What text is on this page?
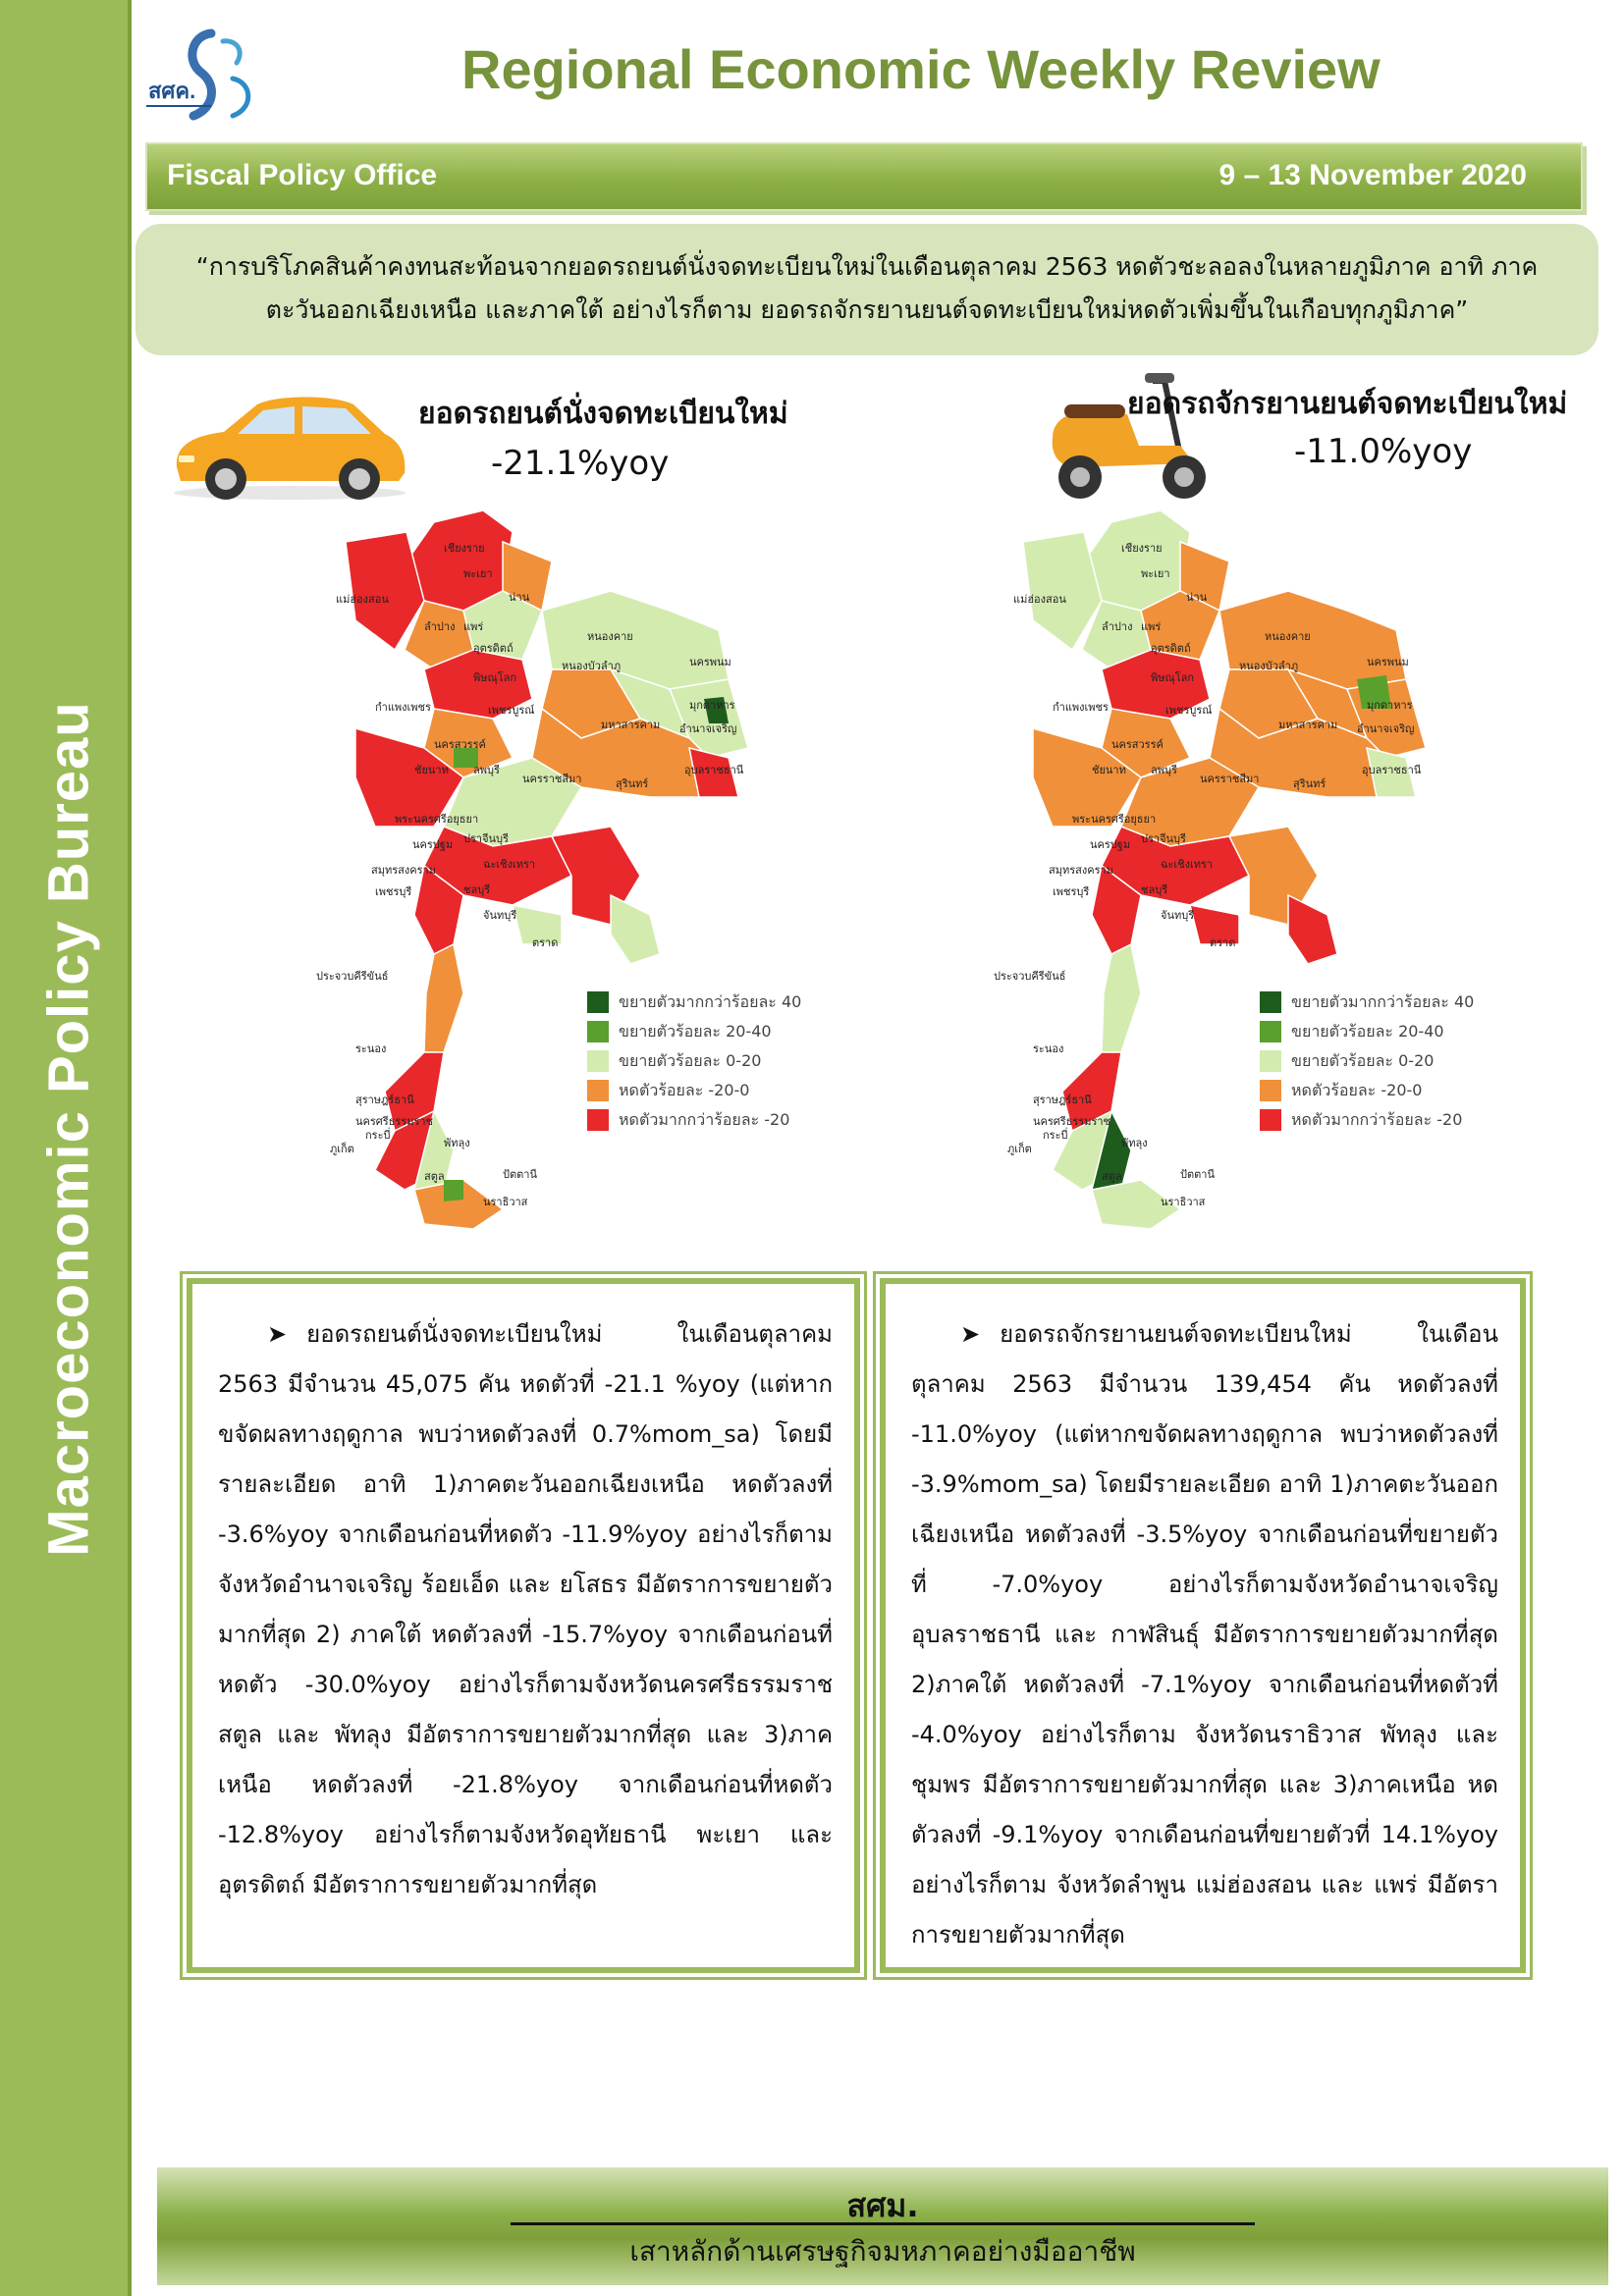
Macroeconomic Policy Bureau
สศค.	Regional Economic Weekly Review
Fiscal Policy Office	9 – 13 November 2020
“การบริโภคสินค้าคงทนสะท้อนจากยอดรถยนต์นั่งจดทะเบียนใหม่ในเดือนตุลาคม 2563 หดตัวชะลอลงในหลายภูมิภาค อาทิ ภาคตะวันออกเฉียงเหนือ และภาคใต้ อย่างไรก็ตาม ยอดรถจักรยานยนต์จดทะเบียนใหม่หดตัวเพิ่มขึ้นในเกือบทุกภูมิภาค”
ยอดรถยนต์นั่งจดทะเบียนใหม่
-21.1%yoy
ยอดรถจักรยานยนต์จดทะเบียนใหม่
-11.0%yoy
เชียงราย
พะเยา
น่าน
แม่ฮ่องสอน
ลำปาง แพร่
อุตรดิตถ์
หนองคาย
หนองบัวลำภู	นครพนม
พิษณุโลก
กำแพงเพชร	เพชรบูรณ์	มุกดาหาร
มหาสารคาม อำนาจเจริญ
นครสวรรค์
ชัยนาท ลพบุรี
นครราชสีมา	สุรินทร์
อุบลราชธานี
พระนครศรีอยุธยา
ปราจีนบุรี
นครปฐม
ฉะเชิงเทรา
สมุทรสงคราม
ชลบุรี
เพชรบุรี
จันทบุรี
ตราด
ประจวบคีรีขันธ์
ระนอง
สุราษฎร์ธานี
นครศรีธรรมราช
ภูเก็ต
กระบี่
พัทลุง
สตูล	ปัตตานี
นราธิวาส
ขยายตัวมากกว่าร้อยละ 40
ขยายตัวร้อยละ 20-40
ขยายตัวร้อยละ 0-20
หดตัวร้อยละ -20-0
หดตัวมากกว่าร้อยละ -20
เชียงราย
พะเยา
น่าน
แม่ฮ่องสอน
ลำปาง แพร่
อุตรดิตถ์
หนองคาย
หนองบัวลำภู	นครพนม
พิษณุโลก
กำแพงเพชร	เพชรบูรณ์	มุกดาหาร
มหาสารคาม อำนาจเจริญ
นครสวรรค์
ชัยนาท ลพบุรี
นครราชสีมา	สุรินทร์
อุบลราชธานี
พระนครศรีอยุธยา
ปราจีนบุรี
นครปฐม
ฉะเชิงเทรา
สมุทรสงคราม
ชลบุรี
เพชรบุรี
จันทบุรี
ตราด
ประจวบคีรีขันธ์
ระนอง
สุราษฎร์ธานี
นครศรีธรรมราช
ภูเก็ต
กระบี่
พัทลุง
สตูล	ปัตตานี
นราธิวาส
ขยายตัวมากกว่าร้อยละ 40
ขยายตัวร้อยละ 20-40
ขยายตัวร้อยละ 0-20
หดตัวร้อยละ -20-0
หดตัวมากกว่าร้อยละ -20
➤ ยอดรถยนต์นั่งจดทะเบียนใหม่ ในเดือนตุลาคม 2563 มีจำนวน 45,075 คัน หดตัวที่ -21.1 %yoy (แต่หากขจัดผลทางฤดูกาล พบว่าหดตัวลงที่ 0.7%mom_sa) โดยมีรายละเอียด อาทิ 1)ภาคตะวันออกเฉียงเหนือ หดตัวลงที่ -3.6%yoy จากเดือนก่อนที่หดตัว -11.9%yoy อย่างไรก็ตาม จังหวัดอำนาจเจริญ ร้อยเอ็ด และ ยโสธร มีอัตราการขยายตัวมากที่สุด 2) ภาคใต้ หดตัวลงที่ -15.7%yoy จากเดือนก่อนที่หดตัว -30.0%yoy อย่างไรก็ตามจังหวัดนครศรีธรรมราช สตูล และ พัทลุง มีอัตราการขยายตัวมากที่สุด และ 3)ภาคเหนือ หดตัวลงที่ -21.8%yoy จากเดือนก่อนที่หดตัว -12.8%yoy อย่างไรก็ตามจังหวัดอุทัยธานี พะเยา และ อุตรดิตถ์ มีอัตราการขยายตัวมากที่สุด
➤ ยอดรถจักรยานยนต์จดทะเบียนใหม่ ในเดือนตุลาคม 2563 มีจำนวน 139,454 คัน หดตัวลงที่ -11.0%yoy (แต่หากขจัดผลทางฤดูกาล พบว่าหดตัวลงที่ -3.9%mom_sa) โดยมีรายละเอียด อาทิ 1)ภาคตะวันออกเฉียงเหนือ หดตัวลงที่ -3.5%yoy จากเดือนก่อนที่ขยายตัวที่ -7.0%yoy อย่างไรก็ตามจังหวัดอำนาจเจริญ อุบลราชธานี และ กาฬสินธุ์ มีอัตราการขยายตัวมากที่สุด 2)ภาคใต้ หดตัวลงที่ -7.1%yoy จากเดือนก่อนที่หดตัวที่ -4.0%yoy อย่างไรก็ตาม จังหวัดนราธิวาส พัทลุง และ ชุมพร มีอัตราการขยายตัวมากที่สุด และ 3)ภาคเหนือ หดตัวลงที่ -9.1%yoy จากเดือนก่อนที่ขยายตัวที่ 14.1%yoy อย่างไรก็ตาม จังหวัดลำพูน แม่ฮ่องสอน และ แพร่ มีอัตราการขยายตัวมากที่สุด
สศม.
เสาหลักด้านเศรษฐกิจมหภาคอย่างมืออาชีพ
